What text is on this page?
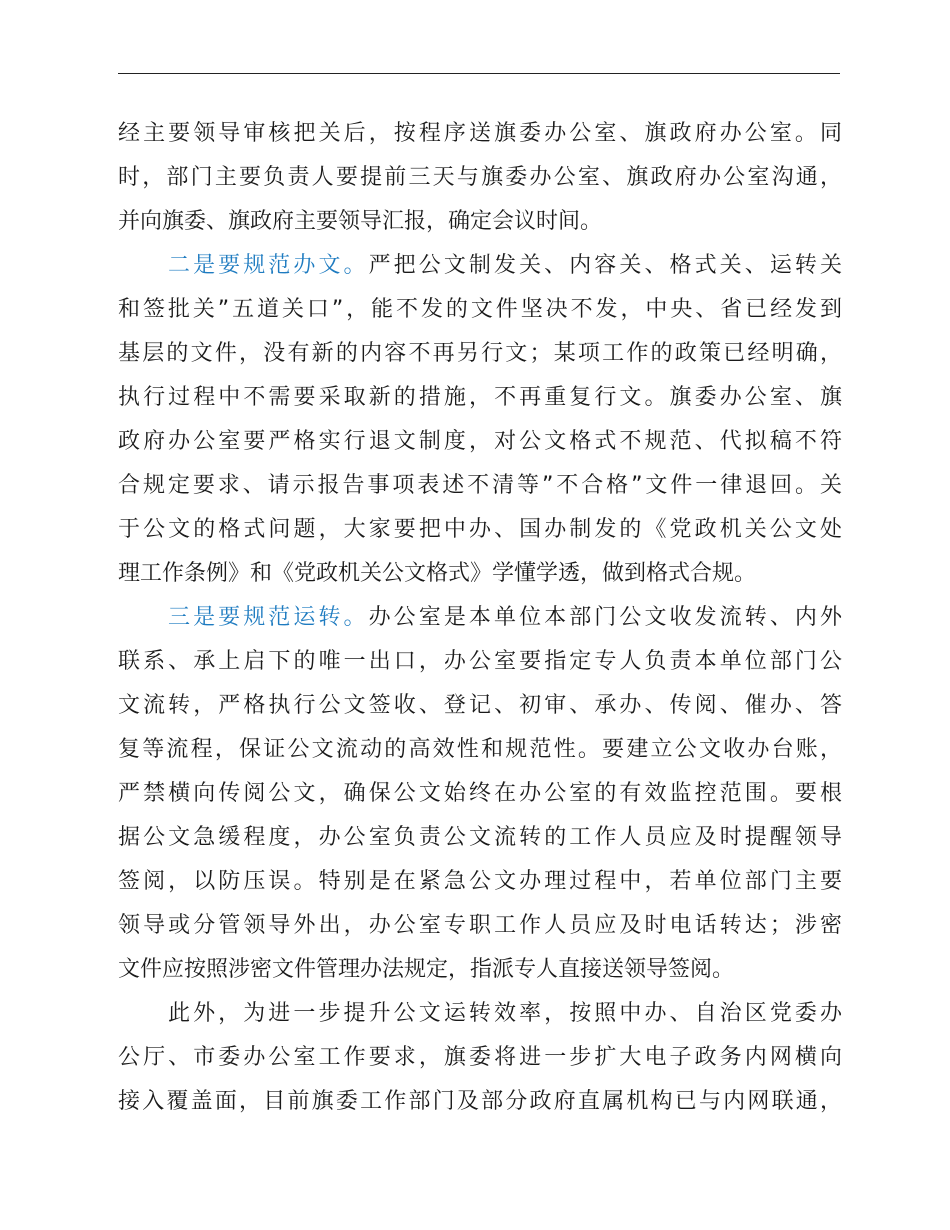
经主要领导审核把关后，按程序送旗委办公室、旗政府办公室。同
时，部门主要负责人要提前三天与旗委办公室、旗政府办公室沟通，
并向旗委、旗政府主要领导汇报，确定会议时间。
二是要规范办文。严把公文制发关、内容关、格式关、运转关
和签批关”五道关口”，能不发的文件坚决不发，中央、省已经发到
基层的文件，没有新的内容不再另行文；某项工作的政策已经明确，
执行过程中不需要采取新的措施，不再重复行文。旗委办公室、旗
政府办公室要严格实行退文制度，对公文格式不规范、代拟稿不符
合规定要求、请示报告事项表述不清等”不合格”文件一律退回。关
于公文的格式问题，大家要把中办、国办制发的《党政机关公文处
理工作条例》和《党政机关公文格式》学懂学透，做到格式合规。
三是要规范运转。办公室是本单位本部门公文收发流转、内外
联系、承上启下的唯一出口，办公室要指定专人负责本单位部门公
文流转，严格执行公文签收、登记、初审、承办、传阅、催办、答
复等流程，保证公文流动的高效性和规范性。要建立公文收办台账，
严禁横向传阅公文，确保公文始终在办公室的有效监控范围。要根
据公文急缓程度，办公室负责公文流转的工作人员应及时提醒领导
签阅，以防压误。特别是在紧急公文办理过程中，若单位部门主要
领导或分管领导外出，办公室专职工作人员应及时电话转达；涉密
文件应按照涉密文件管理办法规定，指派专人直接送领导签阅。
此外，为进一步提升公文运转效率，按照中办、自治区党委办
公厅、市委办公室工作要求，旗委将进一步扩大电子政务内网横向
接入覆盖面，目前旗委工作部门及部分政府直属机构已与内网联通，
